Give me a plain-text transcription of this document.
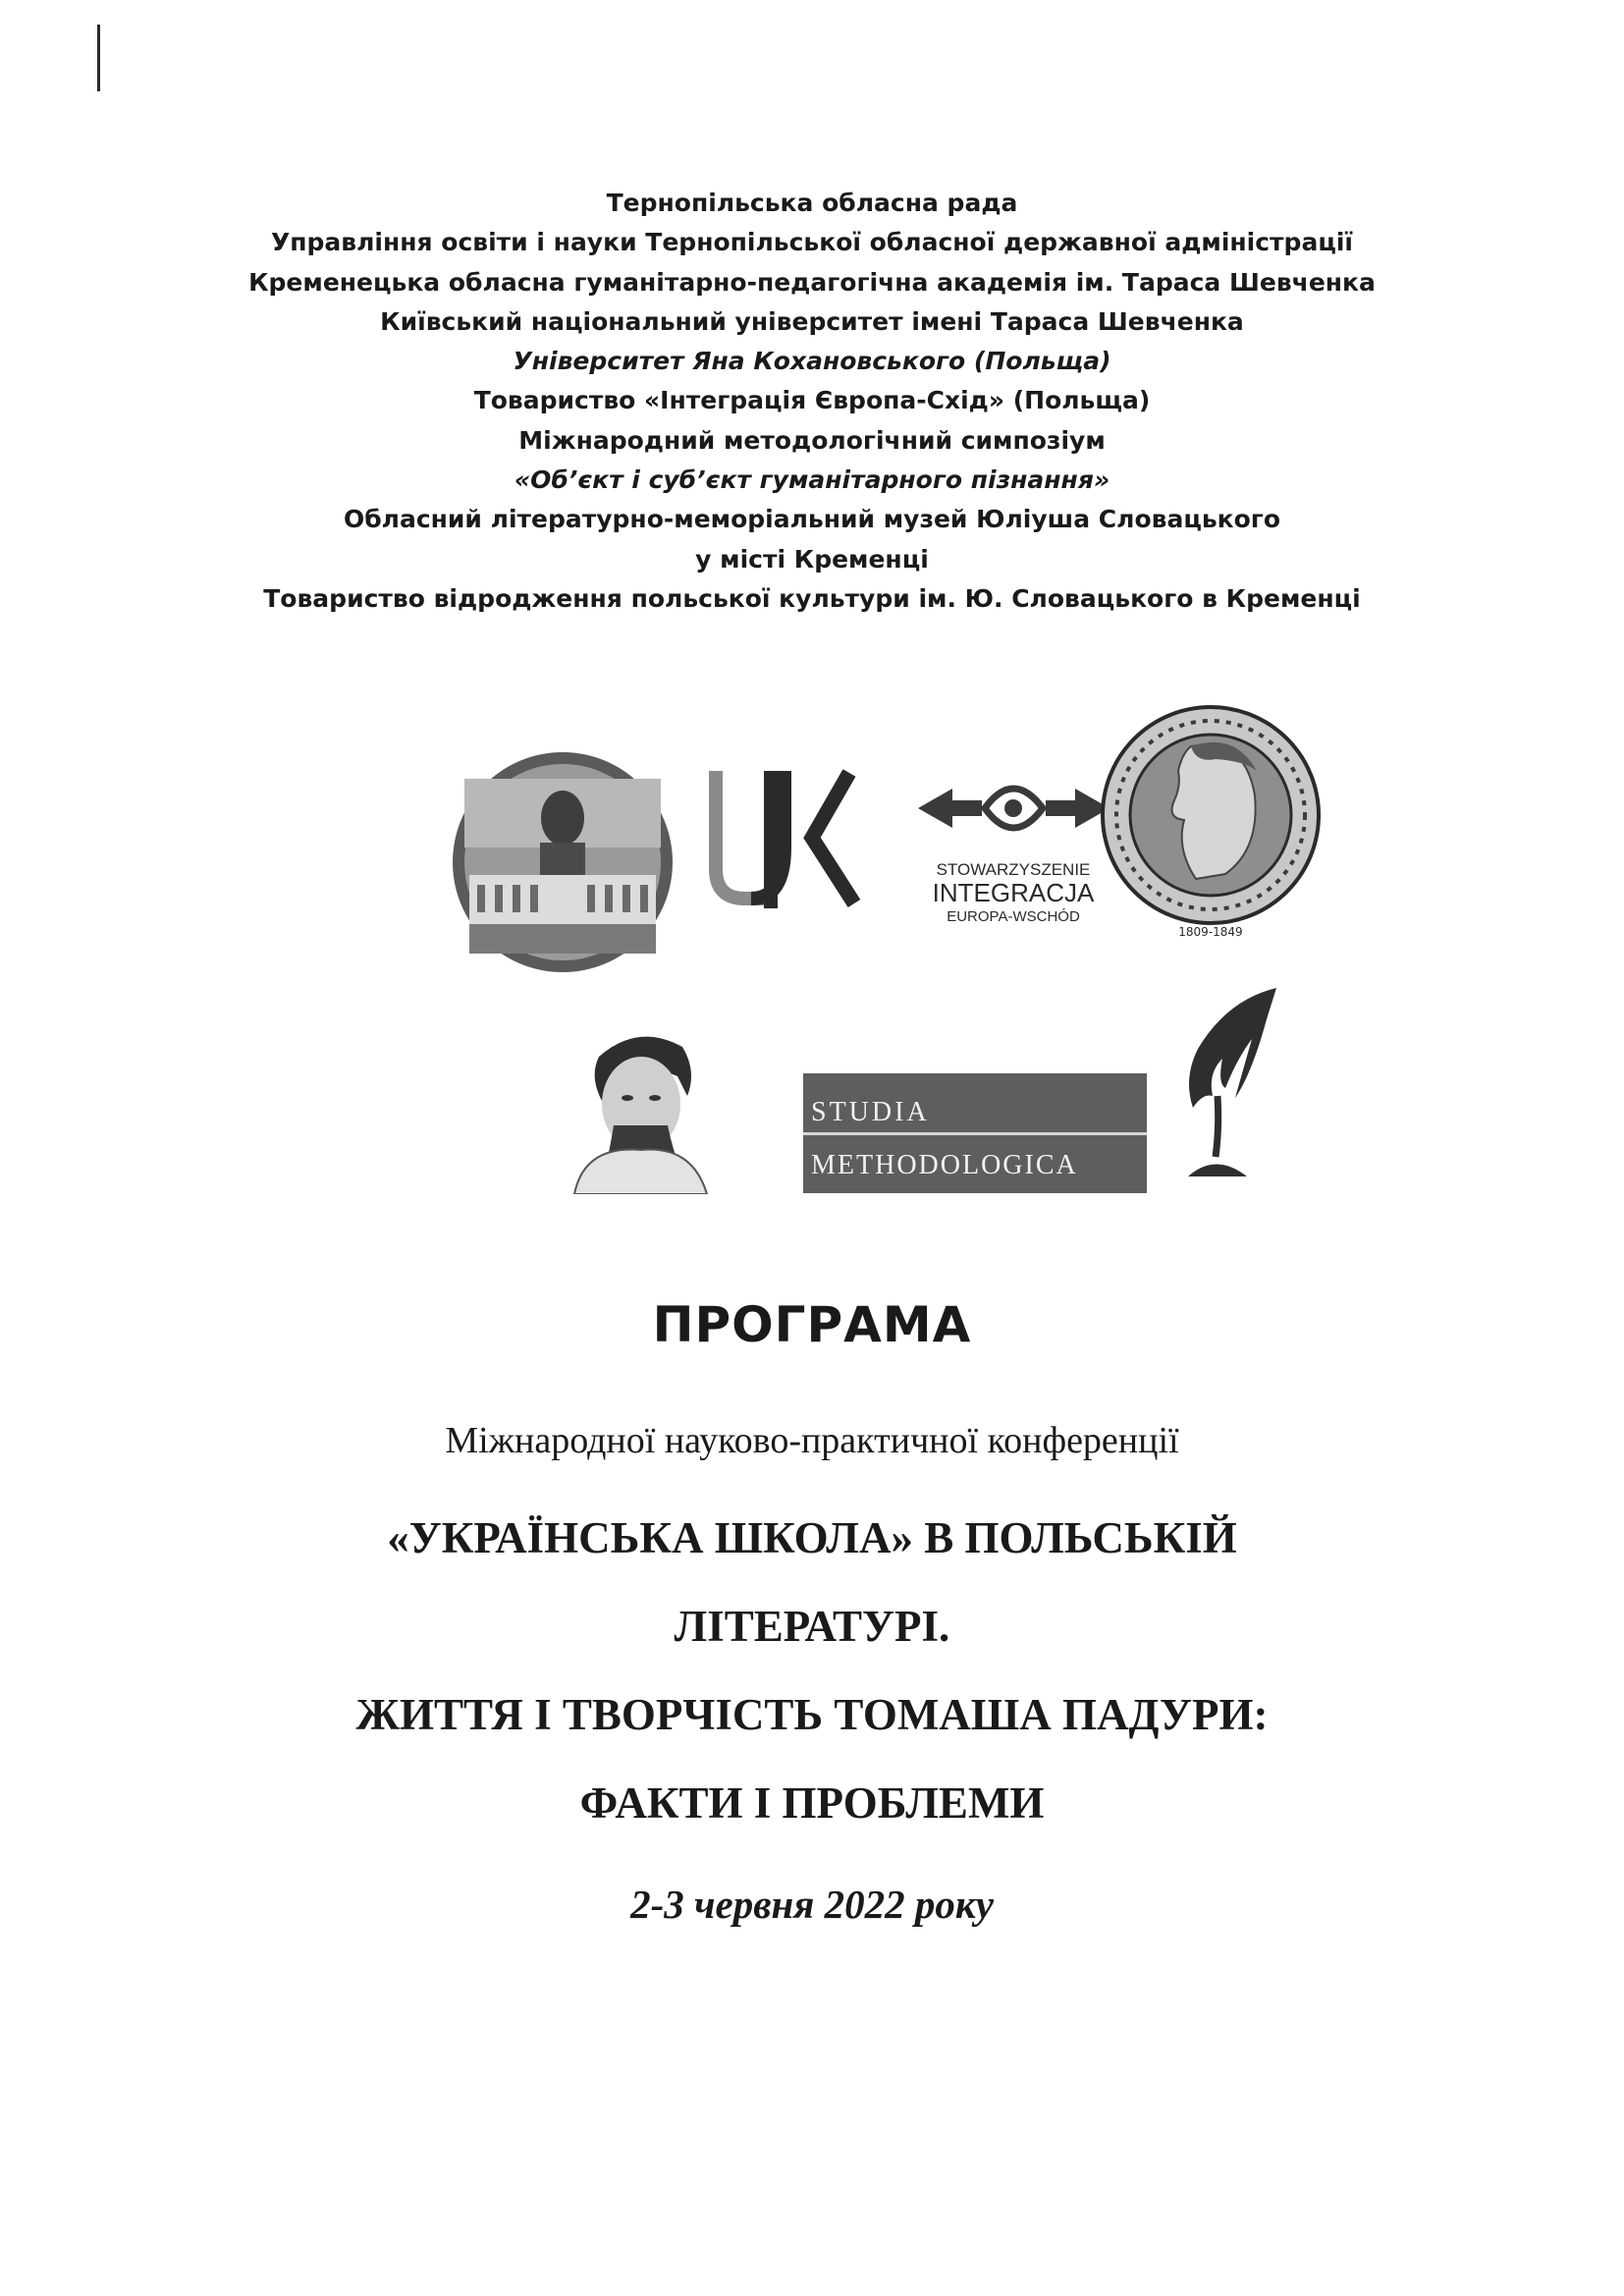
Тернопільська обласна рада
Управління освіти і науки Тернопільської обласної державної адміністрації
Кременецька обласна гуманітарно-педагогічна академія ім. Тараса Шевченка
Київський національний університет імені Тараса Шевченка
Університет Яна Кохановського (Польща)
Товариство «Інтеграція Європа-Схід» (Польща)
Міжнародний методологічний симпозіум
«Об’єкт і суб’єкт гуманітарного пізнання»
Обласний літературно-меморіальний музей Юліуша Словацького
у місті Кременці
Товариство відродження польської культури ім. Ю. Словацького в Кременці
UJK
STOWARZYSZENIE
INTEGRACJA
EUROPA-WSCHÓD
1809-1849
STUDIA
METHODOLOGICA
ПРОГРАМА
Міжнародної науково-практичної конференції
«УКРАЇНСЬКА ШКОЛА» В ПОЛЬСЬКІЙ
ЛІТЕРАТУРІ.
ЖИТТЯ І ТВОРЧІСТЬ ТОМАША ПАДУРИ:
ФАКТИ І ПРОБЛЕМИ
2-3 червня 2022 року
